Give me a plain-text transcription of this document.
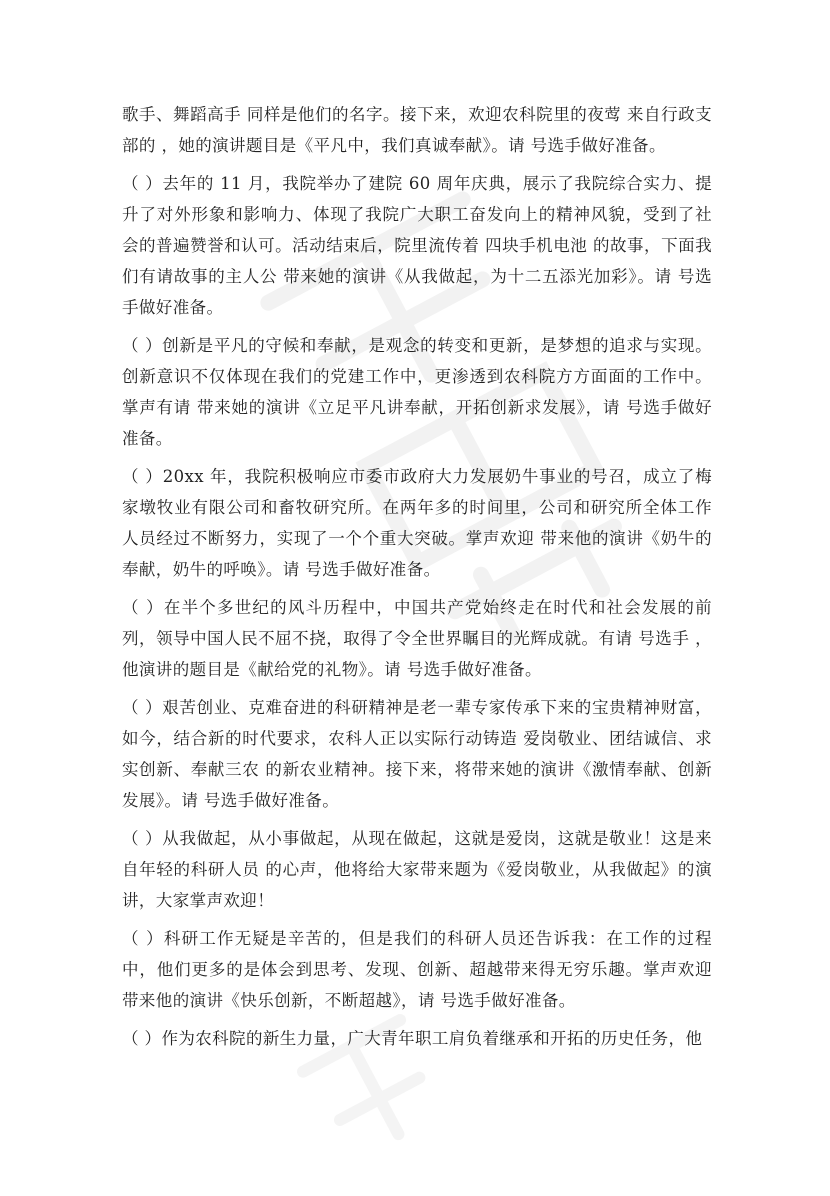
歌手、舞蹈高手 同样是他们的名字。接下来，欢迎农科院里的夜莺 来自行政支部的 ，她的演讲题目是《平凡中，我们真诚奉献》。请 号选手做好准备。

（ ）去年的 11 月，我院举办了建院 60 周年庆典，展示了我院综合实力、提升了对外形象和影响力、体现了我院广大职工奋发向上的精神风貌，受到了社会的普遍赞誉和认可。活动结束后，院里流传着 四块手机电池 的故事，下面我们有请故事的主人公 带来她的演讲《从我做起，为十二五添光加彩》。请 号选手做好准备。

（ ）创新是平凡的守候和奉献，是观念的转变和更新，是梦想的追求与实现。创新意识不仅体现在我们的党建工作中，更渗透到农科院方方面面的工作中。掌声有请 带来她的演讲《立足平凡讲奉献，开拓创新求发展》，请 号选手做好准备。

（ ）20xx 年，我院积极响应市委市政府大力发展奶牛事业的号召，成立了梅家墩牧业有限公司和畜牧研究所。在两年多的时间里，公司和研究所全体工作人员经过不断努力，实现了一个个重大突破。掌声欢迎 带来他的演讲《奶牛的奉献，奶牛的呼唤》。请 号选手做好准备。

（ ）在半个多世纪的风斗历程中，中国共产党始终走在时代和社会发展的前列，领导中国人民不屈不挠，取得了令全世界瞩目的光辉成就。有请 号选手 ，他演讲的题目是《献给党的礼物》。请 号选手做好准备。

（ ）艰苦创业、克难奋进的科研精神是老一辈专家传承下来的宝贵精神财富，如今，结合新的时代要求，农科人正以实际行动铸造 爱岗敬业、团结诚信、求实创新、奉献三农 的新农业精神。接下来，将带来她的演讲《激情奉献、创新发展》。请 号选手做好准备。

（ ）从我做起，从小事做起，从现在做起，这就是爱岗，这就是敬业！这是来自年轻的科研人员 的心声，他将给大家带来题为《爱岗敬业，从我做起》的演讲，大家掌声欢迎！

（ ）科研工作无疑是辛苦的，但是我们的科研人员还告诉我：在工作的过程中，他们更多的是体会到思考、发现、创新、超越带来得无穷乐趣。掌声欢迎 带来他的演讲《快乐创新，不断超越》，请 号选手做好准备。

（ ）作为农科院的新生力量，广大青年职工肩负着继承和开拓的历史任务，他
